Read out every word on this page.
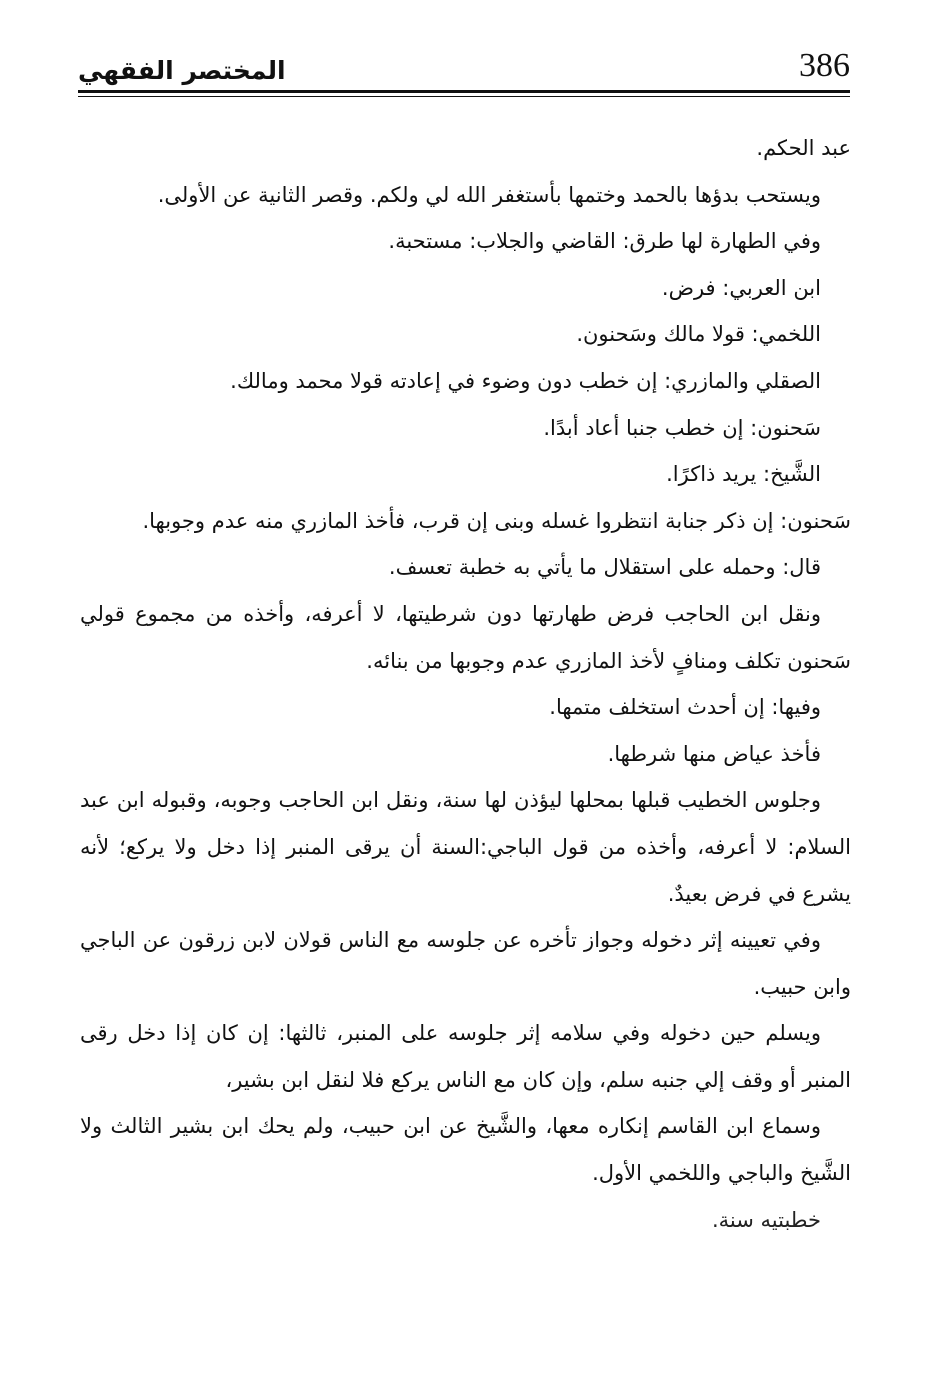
386
المختصر الفقهي

عبد الحكم.

ويستحب بدؤها بالحمد وختمها بأستغفر الله لي ولكم. وقصر الثانية عن الأولى.

وفي الطهارة لها طرق: القاضي والجلاب: مستحبة.

ابن العربي: فرض.

اللخمي: قولا مالك وسَحنون.

الصقلي والمازري: إن خطب دون وضوء في إعادته قولا محمد ومالك.

سَحنون: إن خطب جنبا أعاد أبدًا.

الشَّيخ: يريد ذاكرًا.

سَحنون: إن ذكر جنابة انتظروا غسله وبنى إن قرب، فأخذ المازري منه عدم وجوبها.

قال: وحمله على استقلال ما يأتي به خطبة تعسف.

ونقل ابن الحاجب فرض طهارتها دون شرطيتها، لا أعرفه، وأخذه من مجموع قولي سَحنون تكلف ومنافٍ لأخذ المازري عدم وجوبها من بنائه.

وفيها: إن أحدث استخلف متمها.

فأخذ عياض منها شرطها.

وجلوس الخطيب قبلها بمحلها ليؤذن لها سنة، ونقل ابن الحاجب وجوبه، وقبوله ابن عبد السلام: لا أعرفه، وأخذه من قول الباجي:السنة أن يرقى المنبر إذا دخل ولا يركع؛ لأنه يشرع في فرض بعيدٌ.

وفي تعيينه إثر دخوله وجواز تأخره عن جلوسه مع الناس قولان لابن زرقون عن الباجي وابن حبيب.

ويسلم حين دخوله وفي سلامه إثر جلوسه على المنبر، ثالثها: إن كان إذا دخل رقى المنبر أو وقف إلي جنبه سلم، وإن كان مع الناس يركع فلا لنقل ابن بشير،

وسماع ابن القاسم إنكاره معها، والشَّيخ عن ابن حبيب، ولم يحك ابن بشير الثالث ولا الشَّيخ والباجي واللخمي الأول.

خطبتيه سنة.
